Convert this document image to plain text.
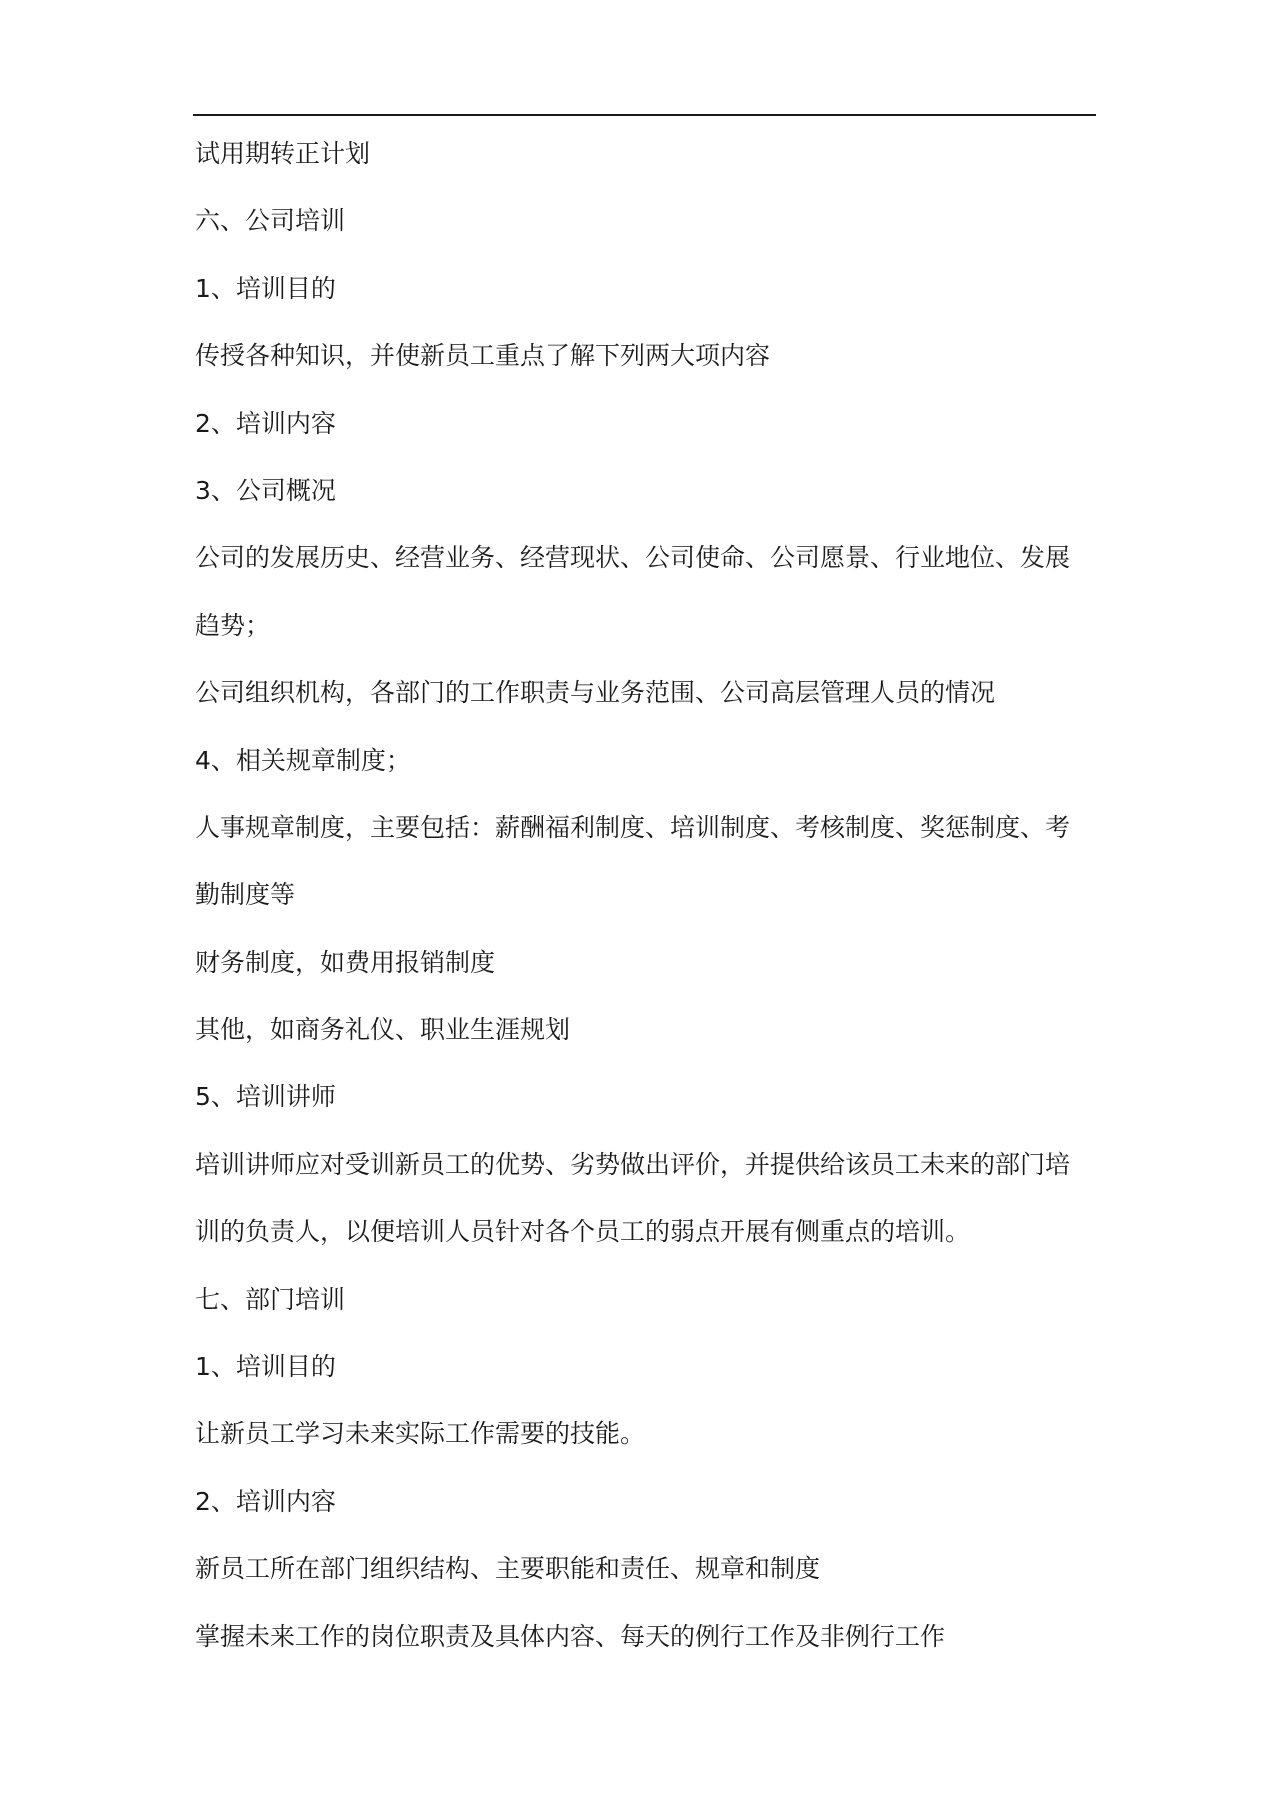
试用期转正计划
六、公司培训
1、培训目的
传授各种知识，并使新员工重点了解下列两大项内容
2、培训内容
3、公司概况
公司的发展历史、经营业务、经营现状、公司使命、公司愿景、行业地位、发展
趋势；
公司组织机构，各部门的工作职责与业务范围、公司高层管理人员的情况
4、相关规章制度；
人事规章制度，主要包括：薪酬福利制度、培训制度、考核制度、奖惩制度、考
勤制度等
财务制度，如费用报销制度
其他，如商务礼仪、职业生涯规划
5、培训讲师
培训讲师应对受训新员工的优势、劣势做出评价，并提供给该员工未来的部门培
训的负责人，以便培训人员针对各个员工的弱点开展有侧重点的培训。
七、部门培训
1、培训目的
让新员工学习未来实际工作需要的技能。
2、培训内容
新员工所在部门组织结构、主要职能和责任、规章和制度
掌握未来工作的岗位职责及具体内容、每天的例行工作及非例行工作
